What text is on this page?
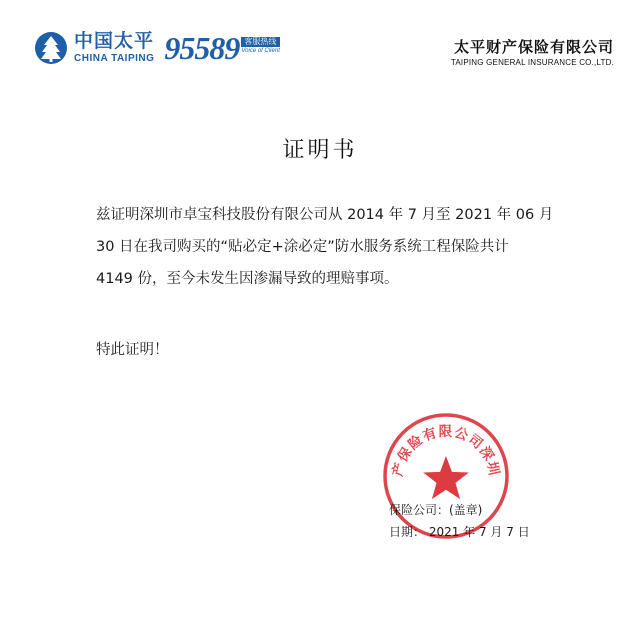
中国太平
CHINA TAIPING 95589 客服热线
Voice of Client	太平财产保险有限公司
TAIPING GENERAL INSURANCE CO.,LTD.
证明书

兹证明深圳市卓宝科技股份有限公司从 2014 年 7 月至 2021 年 06 月

30 日在我司购买的“贴必定+涂必定”防水服务系统工程保险共计

4149 份，至今未发生因渗漏导致的理赔事项。

特此证明！
产保险有限公司深圳
保险公司：(盖章)
日期： 2021 年 7 月 7 日
